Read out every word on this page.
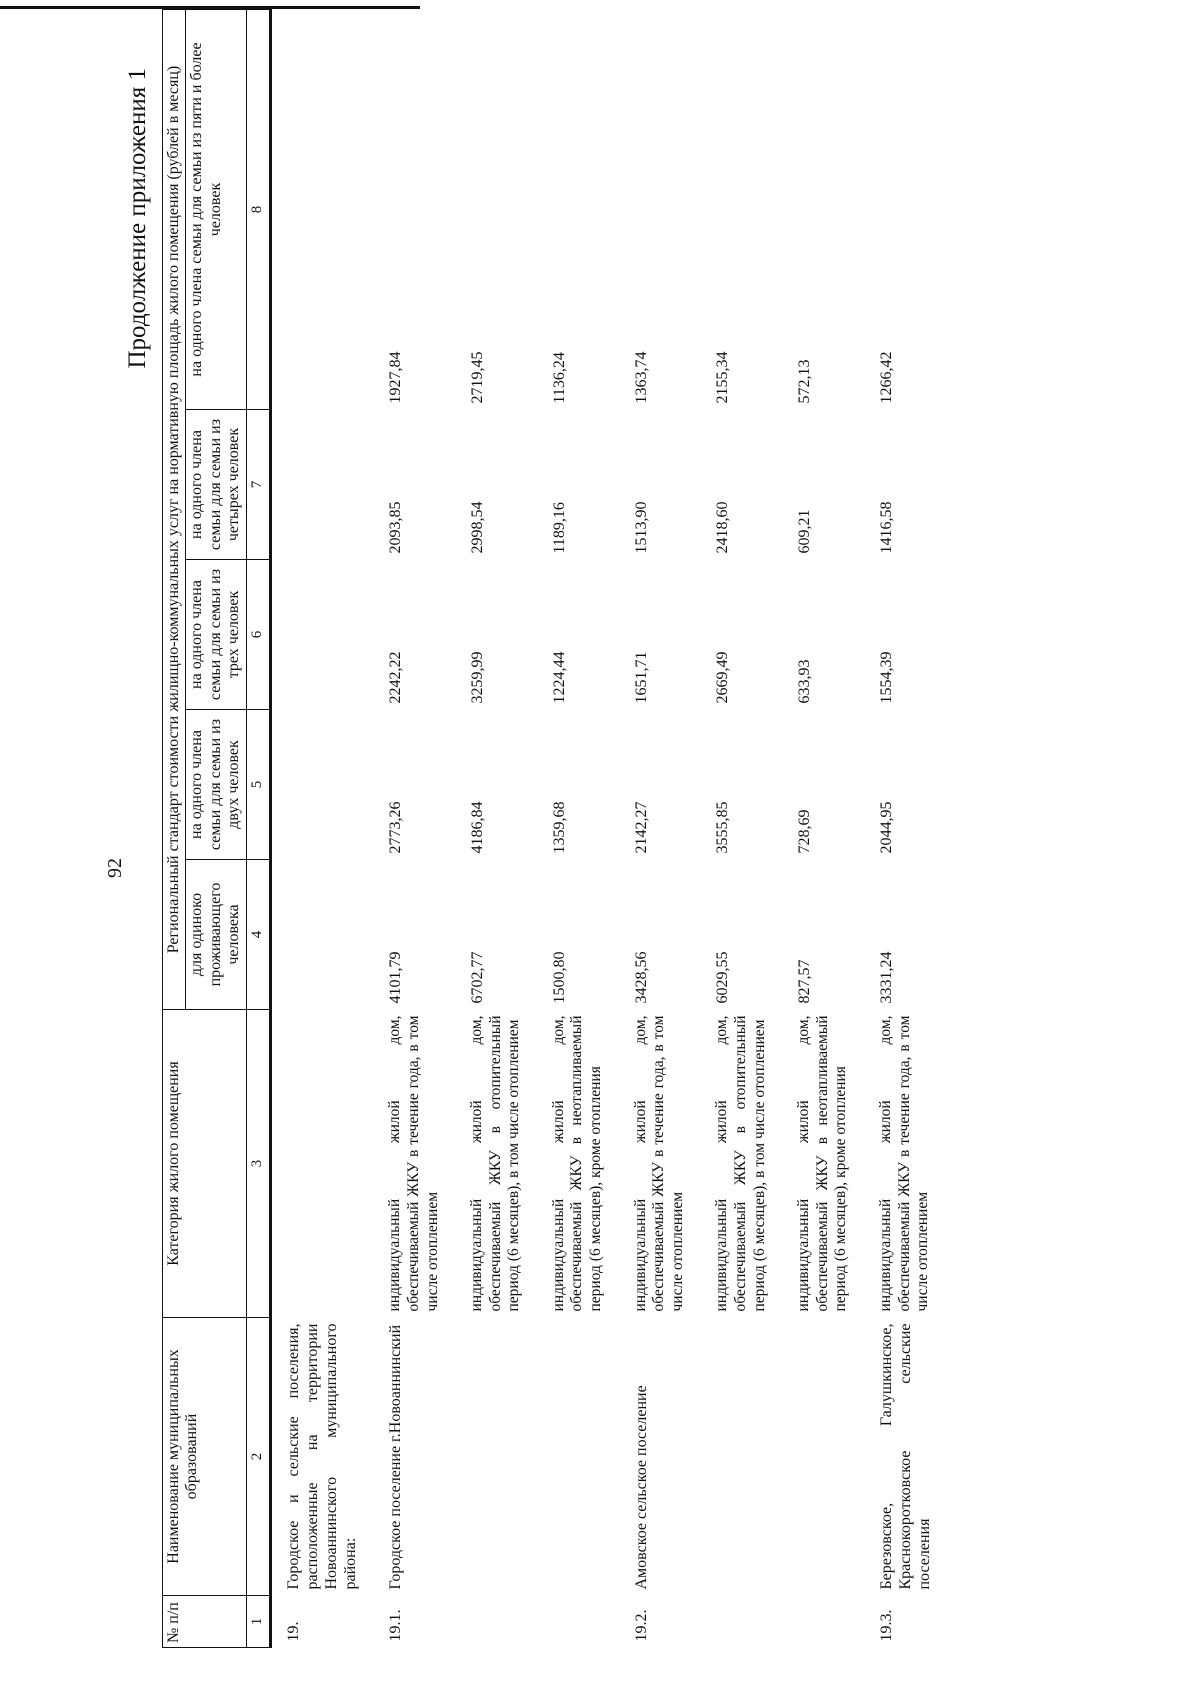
92
Продолжение приложения 1
№ п/п	Наименование муниципальных образований	Категория жилого помещения	Региональный стандарт стоимости жилищно-коммунальных услуг на нормативную площадь жилого помещения (рублей в месяц)				
			для одиноко проживающего человека	на одного члена семьи для семьи из двух человек	на одного члена семьи для семьи из трех человек	на одного члена семьи для семьи из четырех человек	на одного члена семьи для семьи из пяти и более человек
1	2	3	4	5	6	7	8
19.	Городское и сельские поселения, расположенные на территории Новоаннинского муниципального района:						
19.1.	Городское поселение г.Новоаннинский	индивидуальный жилой дом, обеспечиваемый ЖКУ в течение года, в том числе отоплением	4101,79	2773,26	2242,22	2093,85	1927,84
		индивидуальный жилой дом, обеспечиваемый ЖКУ в отопительный период (6 месяцев), в том числе отоплением	6702,77	4186,84	3259,99	2998,54	2719,45
		индивидуальный жилой дом, обеспечиваемый ЖКУ в неотапливаемый период (6 месяцев), кроме отопления	1500,80	1359,68	1224,44	1189,16	1136,24
19.2.	Амовское сельское поселение	индивидуальный жилой дом, обеспечиваемый ЖКУ в течение года, в том числе отоплением	3428,56	2142,27	1651,71	1513,90	1363,74
		индивидуальный жилой дом, обеспечиваемый ЖКУ в отопительный период (6 месяцев), в том числе отоплением	6029,55	3555,85	2669,49	2418,60	2155,34
		индивидуальный жилой дом, обеспечиваемый ЖКУ в неотапливаемый период (6 месяцев), кроме отопления	827,57	728,69	633,93	609,21	572,13
19.3.	Березовское, Галушкинское, Краснокоротковское сельские поселения	индивидуальный жилой дом, обеспечиваемый ЖКУ в течение года, в том числе отоплением	3331,24	2044,95	1554,39	1416,58	1266,42
